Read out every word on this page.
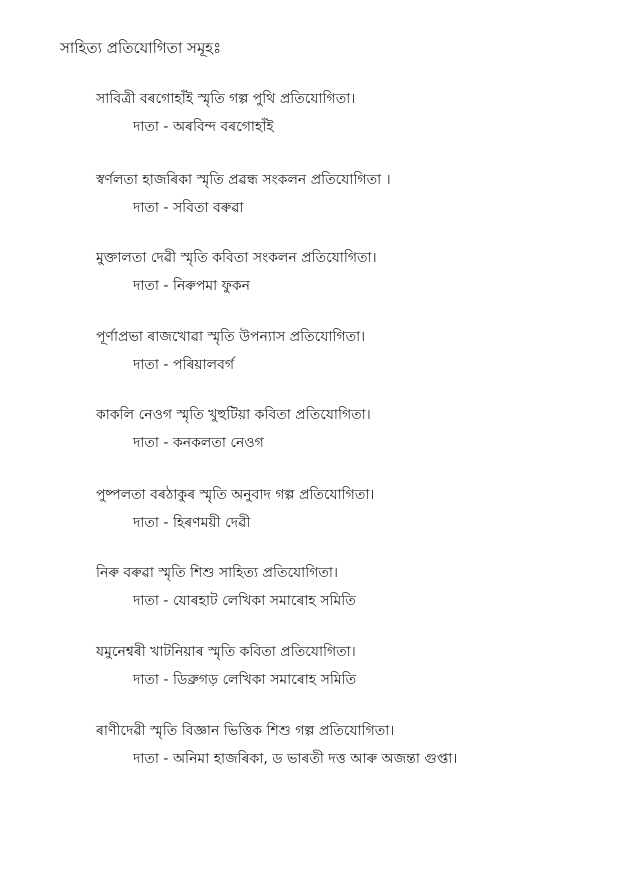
সাহিত্য প্ৰতিযোগিতা সমূহঃ
সাবিত্ৰী বৰগোহাঁই স্মৃতি গল্প পুথি প্ৰতিযোগিতা।
দাতা - অৰবিন্দ বৰগোহাঁই
স্বৰ্ণলতা হাজৰিকা স্মৃতি প্ৰৱন্ধ সংকলন প্ৰতিযোগিতা ।
দাতা - সবিতা বৰুৱা
মুক্তালতা দেৱী স্মৃতি কবিতা সংকলন প্ৰতিযোগিতা।
দাতা - নিৰুপমা ফুকন
পূৰ্ণাপ্ৰভা ৰাজখোৱা স্মৃতি উপন্যাস প্ৰতিযোগিতা।
দাতা - পৰিয়ালবৰ্গ
কাকলি নেওগ স্মৃতি খুহুটিয়া কবিতা প্ৰতিযোগিতা।
দাতা - কনকলতা নেওগ
পুষ্পলতা বৰঠাকুৰ স্মৃতি অনুবাদ গল্প প্ৰতিযোগিতা।
দাতা - হিৰণময়ী দেৱী
নিৰু বৰুৱা স্মৃতি শিশু সাহিত্য প্ৰতিযোগিতা।
দাতা - যোৰহাট লেখিকা সমাৰোহ সমিতি
যমুনেশ্বৰী খাটনিয়াৰ স্মৃতি কবিতা প্ৰতিযোগিতা।
দাতা - ডিব্ৰুগড় লেখিকা সমাৰোহ সমিতি
ৰাণীদেৱী স্মৃতি বিজ্ঞান ভিত্তিক শিশু গল্প প্ৰতিযোগিতা।
দাতা - অনিমা হাজৰিকা, ড ভাৰতী দত্ত আৰু অজন্তা গুপ্তা।
